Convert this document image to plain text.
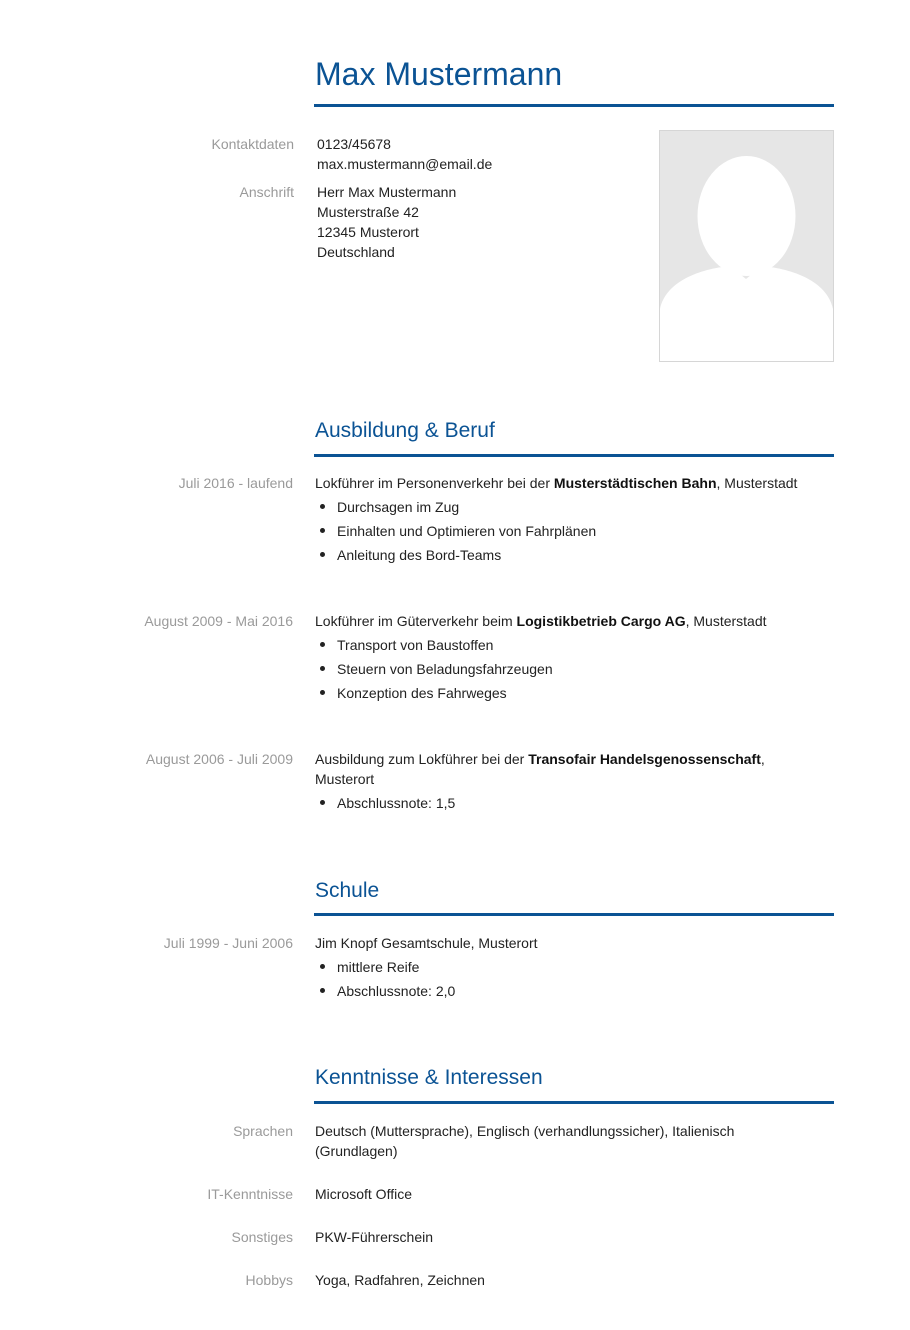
Max Mustermann
Kontaktdaten 0123/45678
max.mustermann@email.de
Anschrift Herr Max Mustermann
Musterstraße 42
12345 Musterort
Deutschland
Ausbildung & Beruf
Juli 2016 - laufend Lokführer im Personenverkehr bei der Musterstädtischen Bahn, Musterstadt
Durchsagen im Zug
Einhalten und Optimieren von Fahrplänen
Anleitung des Bord-Teams
August 2009 - Mai 2016 Lokführer im Güterverkehr beim Logistikbetrieb Cargo AG, Musterstadt
Transport von Baustoffen
Steuern von Beladungsfahrzeugen
Konzeption des Fahrweges
August 2006 - Juli 2009 Ausbildung zum Lokführer bei der Transofair Handelsgenossenschaft,
Musterort
Abschlussnote: 1,5
Schule
Juli 1999 - Juni 2006 Jim Knopf Gesamtschule, Musterort
mittlere Reife
Abschlussnote: 2,0
Kenntnisse & Interessen
Sprachen Deutsch (Muttersprache), Englisch (verhandlungssicher), Italienisch
(Grundlagen)
IT-Kenntnisse Microsoft Office
Sonstiges PKW-Führerschein
Hobbys Yoga, Radfahren, Zeichnen
